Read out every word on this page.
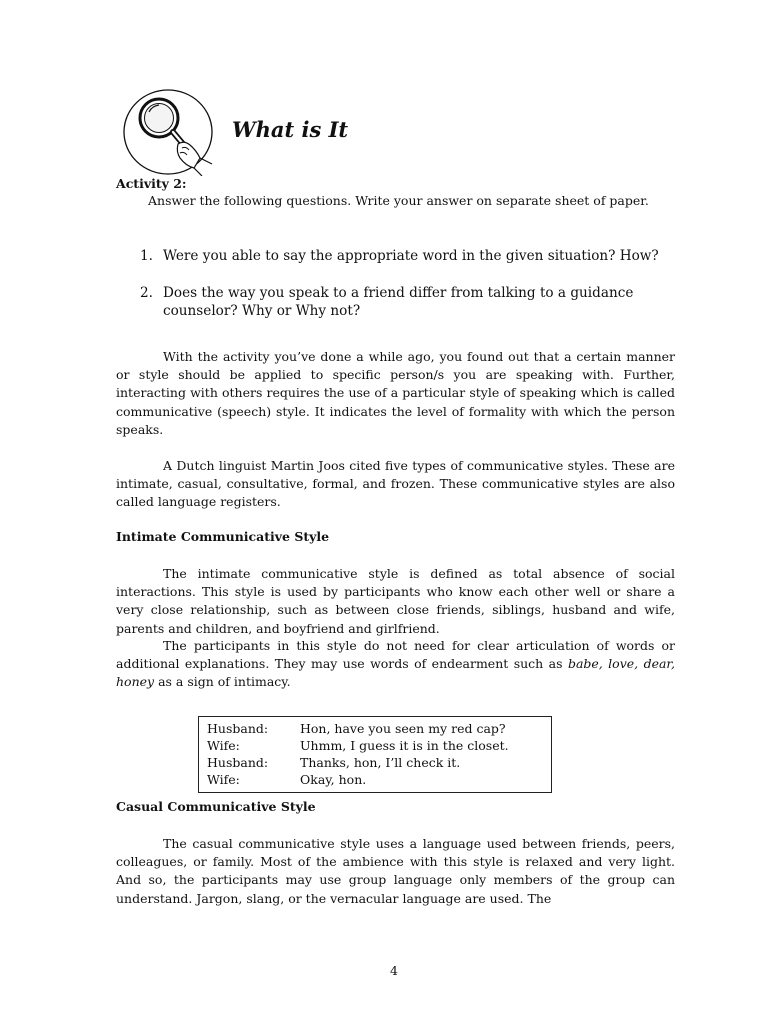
What is It
Activity 2:

Answer the following questions. Write your answer on separate sheet of paper.

1. Were you able to say the appropriate word in the given situation? How?
2. Does the way you speak to a friend differ from talking to a guidance counselor? Why or Why not?

With the activity you’ve done a while ago, you found out that a certain manner or style should be applied to specific person/s you are speaking with. Further, interacting with others requires the use of a particular style of speaking which is called communicative (speech) style. It indicates the level of formality with which the person speaks.

A Dutch linguist Martin Joos cited five types of communicative styles. These are intimate, casual, consultative, formal, and frozen. These communicative styles are also called language registers.

Intimate Communicative Style

The intimate communicative style is defined as total absence of social interactions. This style is used by participants who know each other well or share a very close relationship, such as between close friends, siblings, husband and wife, parents and children, and boyfriend and girlfriend.

The participants in this style do not need for clear articulation of words or additional explanations. They may use words of endearment such as babe, love, dear, honey as a sign of intimacy.

Husband:	Hon, have you seen my red cap?
Wife:	Uhmm, I guess it is in the closet.
Husband:	Thanks, hon, I’ll check it.
Wife:	Okay, hon.
Casual Communicative Style

The casual communicative style uses a language used between friends, peers, colleagues, or family. Most of the ambience with this style is relaxed and very light. And so, the participants may use group language only members of the group can understand. Jargon, slang, or the vernacular language are used. The

4
